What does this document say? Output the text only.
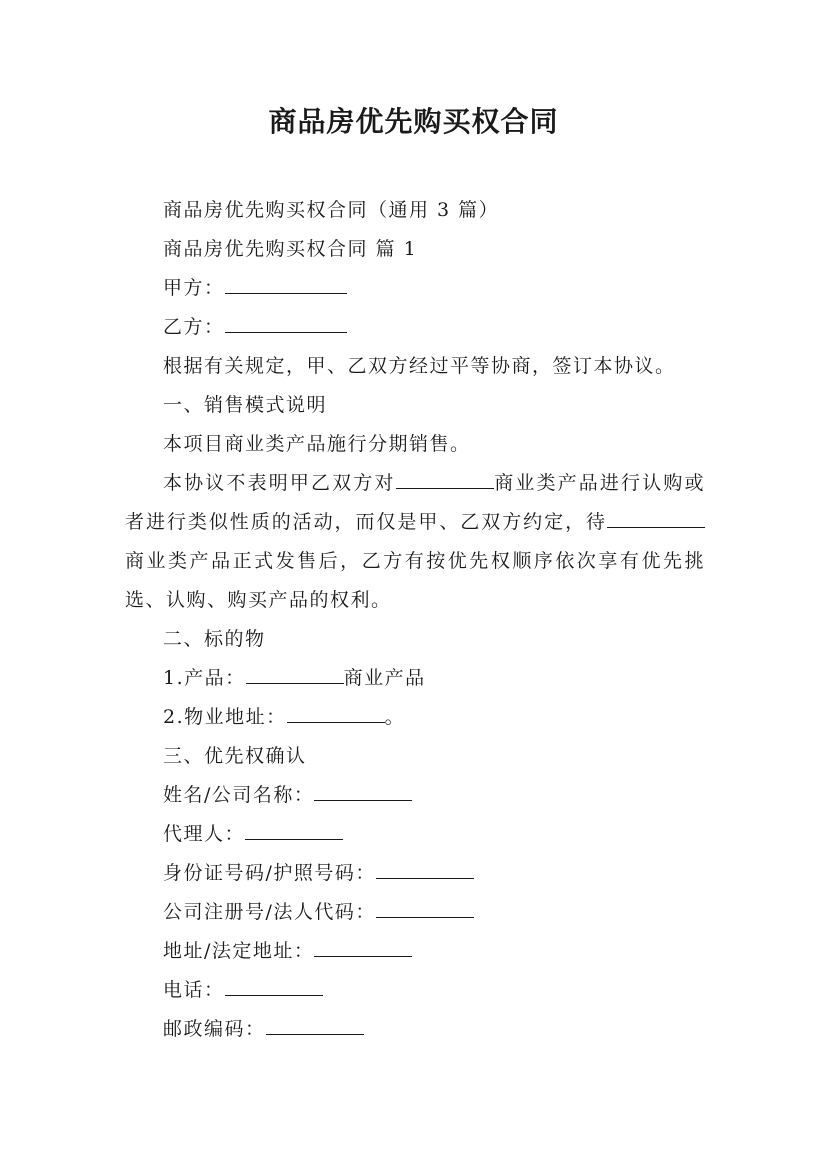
商品房优先购买权合同

商品房优先购买权合同（通用 3 篇）

商品房优先购买权合同 篇 1

甲方：

乙方：

根据有关规定，甲、乙双方经过平等协商，签订本协议。

一、销售模式说明

本项目商业类产品施行分期销售。

本协议不表明甲乙双方对	商业类产品进行认购或者进行类似性质的活动，而仅是甲、乙双方约定，待商业类产品正式发售后，乙方有按优先权顺序依次享有优先挑选、认购、购买产品的权利。

二、标的物

1.产品：	商业产品

2.物业地址：	。

三、优先权确认

姓名/公司名称：

代理人：

身份证号码/护照号码：

公司注册号/法人代码：

地址/法定地址：

电话：

邮政编码：
